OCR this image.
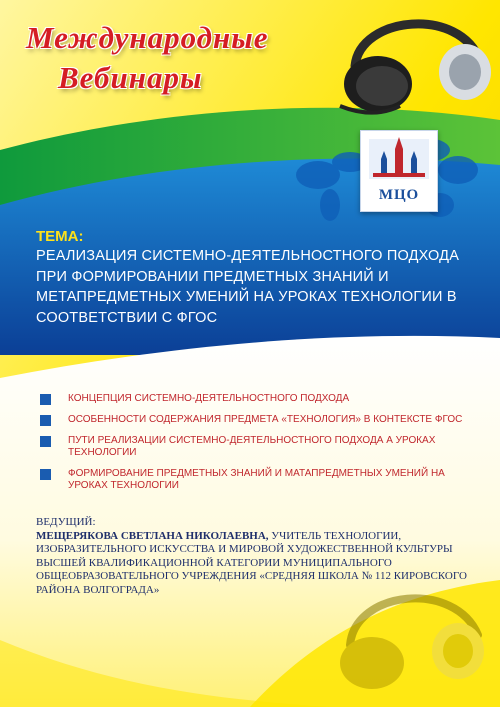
Международные
Вебинары
МЦО
ТЕМА:
РЕАЛИЗАЦИЯ СИСТЕМНО-ДЕЯТЕЛЬНОСТНОГО ПОДХОДА ПРИ ФОРМИРОВАНИИ ПРЕДМЕТНЫХ ЗНАНИЙ И МЕТАПРЕДМЕТНЫХ УМЕНИЙ НА УРОКАХ ТЕХНОЛОГИИ В СООТВЕТСТВИИ С ФГОС
КОНЦЕПЦИЯ СИСТЕМНО-ДЕЯТЕЛЬНОСТНОГО ПОДХОДА
ОСОБЕННОСТИ СОДЕРЖАНИЯ ПРЕДМЕТА «ТЕХНОЛОГИЯ» В КОНТЕКСТЕ ФГОС
ПУТИ РЕАЛИЗАЦИИ СИСТЕМНО-ДЕЯТЕЛЬНОСТНОГО ПОДХОДА А УРОКАХ ТЕХНОЛОГИИ
ФОРМИРОВАНИЕ ПРЕДМЕТНЫХ ЗНАНИЙ И МАТАПРЕДМЕТНЫХ УМЕНИЙ НА УРОКАХ ТЕХНОЛОГИИ
ВЕДУЩИЙ:
МЕЩЕРЯКОВА СВЕТЛАНА НИКОЛАЕВНА, УЧИТЕЛЬ ТЕХНОЛОГИИ, ИЗОБРАЗИТЕЛЬНОГО ИСКУССТВА И МИРОВОЙ ХУДОЖЕСТВЕННОЙ КУЛЬТУРЫ ВЫСШЕЙ КВАЛИФИКАЦИОННОЙ КАТЕГОРИИ МУНИЦИПАЛЬНОГО ОБЩЕОБРАЗОВАТЕЛЬНОГО УЧРЕЖДЕНИЯ «СРЕДНЯЯ ШКОЛА № 112 КИРОВСКОГО РАЙОНА ВОЛГОГРАДА»
